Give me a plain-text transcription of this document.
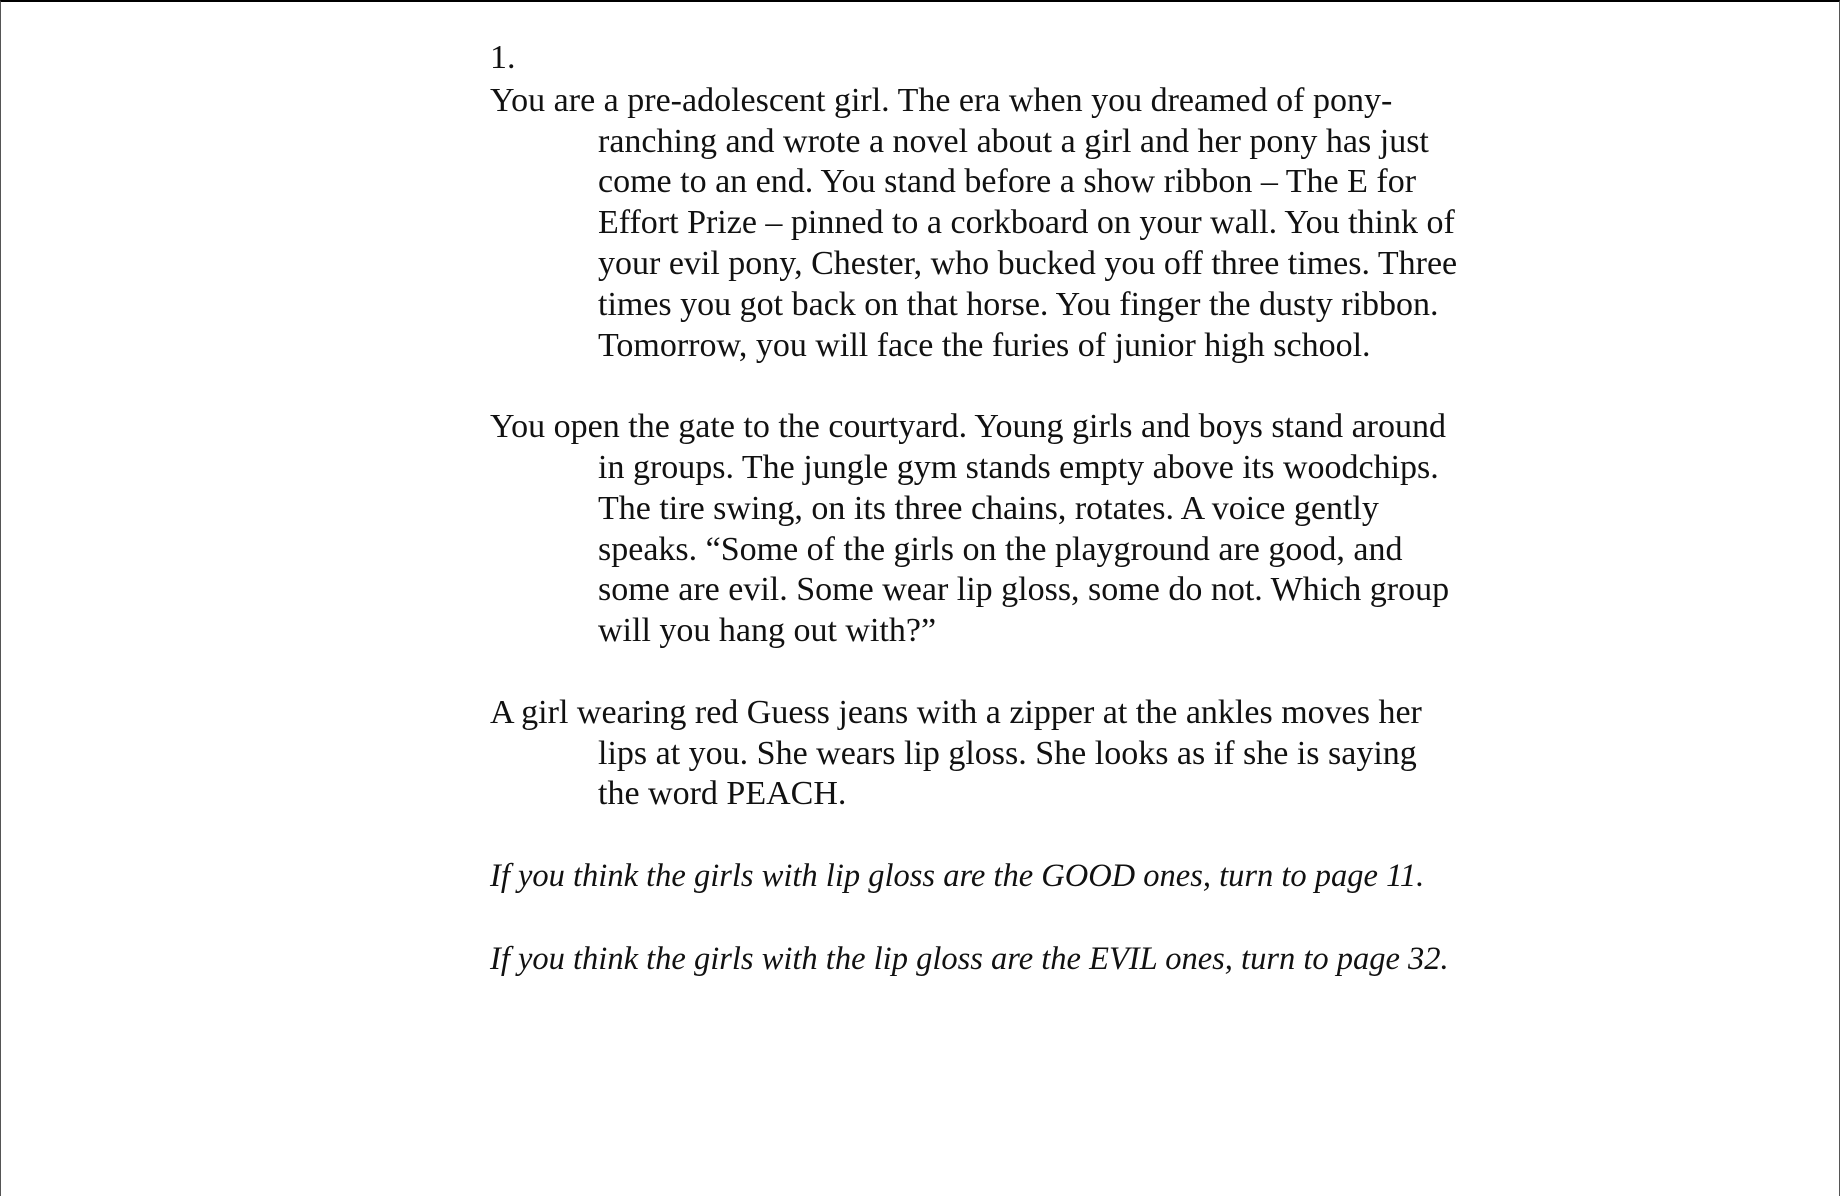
1.

You are a pre-adolescent girl. The era when you dreamed of pony-ranching and wrote a novel about a girl and her pony has just come to an end. You stand before a show ribbon – The E for Effort Prize – pinned to a corkboard on your wall. You think of your evil pony, Chester, who bucked you off three times. Three times you got back on that horse. You finger the dusty ribbon. Tomorrow, you will face the furies of junior high school.

You open the gate to the courtyard. Young girls and boys stand around in groups. The jungle gym stands empty above its woodchips. The tire swing, on its three chains, rotates. A voice gently speaks. “Some of the girls on the playground are good, and some are evil. Some wear lip gloss, some do not. Which group will you hang out with?”

A girl wearing red Guess jeans with a zipper at the ankles moves her lips at you. She wears lip gloss. She looks as if she is saying the word PEACH.

If you think the girls with lip gloss are the GOOD ones, turn to page 11.

If you think the girls with the lip gloss are the EVIL ones, turn to page 32.
